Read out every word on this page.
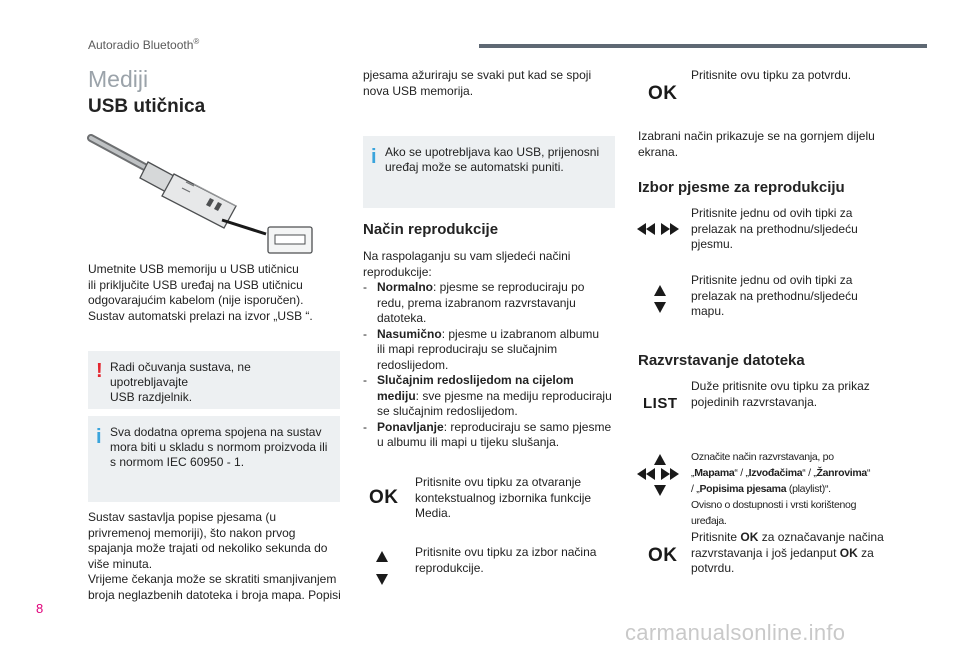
Autoradio Bluetooth®
Mediji
USB utičnica
Umetnite USB memoriju u USB utičnicu
ili priključite USB uređaj na USB utičnicu
odgovarajućim kabelom (nije isporučen).
Sustav automatski prelazi na izvor „USB “.
! Radi očuvanja sustava, ne upotrebljavajte
USB razdjelnik.
i Sva dodatna oprema spojena na sustav
mora biti u skladu s normom proizvoda ili
s normom IEC 60950 - 1.
Sustav sastavlja popise pjesama (u
privremenoj memoriji), što nakon prvog
spajanja može trajati od nekoliko sekunda do
više minuta.
Vrijeme čekanja može se skratiti smanjivanjem
broja neglazbenih datoteka i broja mapa. Popisi
pjesama ažuriraju se svaki put kad se spoji
nova USB memorija.
i Ako se upotrebljava kao USB, prijenosni
uređaj može se automatski puniti.
Način reprodukcije
Na raspolaganju su vam sljedeći načini
reprodukcije:
- Normalno: pjesme se reproduciraju po
redu, prema izabranom razvrstavanju
datoteka.
- Nasumično: pjesme u izabranom albumu
ili mapi reproduciraju se slučajnim
redoslijedom.
- Slučajnim redoslijedom na cijelom
mediju: sve pjesme na mediju reproduciraju
se slučajnim redoslijedom.
- Ponavljanje: reproduciraju se samo pjesme
u albumu ili mapi u tijeku slušanja.
OK
Pritisnite ovu tipku za otvaranje
kontekstualnog izbornika funkcije
Media.
Pritisnite ovu tipku za izbor načina
reprodukcije.
Pritisnite ovu tipku za potvrdu.
OK
Izabrani način prikazuje se na gornjem dijelu
ekrana.
Izbor pjesme za reprodukciju
Pritisnite jednu od ovih tipki za
prelazak na prethodnu/sljedeću
pjesmu.
Pritisnite jednu od ovih tipki za
prelazak na prethodnu/sljedeću
mapu.
Razvrstavanje datoteka
LIST
Duže pritisnite ovu tipku za prikaz
pojedinih razvrstavanja.
Označite način razvrstavanja, po
„Mapama“ / „Izvođačima“ / „Žanrovima“
/ „Popisima pjesama (playlist)“.
Ovisno o dostupnosti i vrsti korištenog
uređaja.
OK
Pritisnite OK za označavanje načina
razvrstavanja i još jedanput OK za
potvrdu.
8
carmanualsonline.info
